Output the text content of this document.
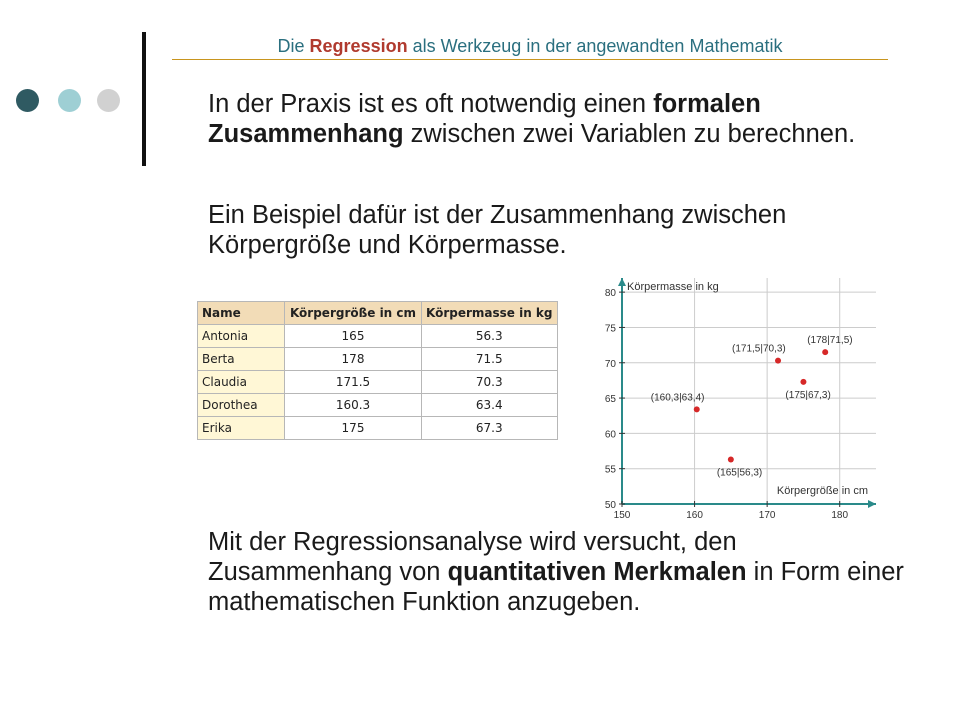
Die Regression als Werkzeug in der angewandten Mathematik
In der Praxis ist es oft notwendig einen formalen Zusammenhang zwischen zwei Variablen zu berechnen.
Ein Beispiel dafür ist der Zusammenhang zwischen Körpergröße und Körpermasse.
Name	Körpergröße in cm	Körpermasse in kg
Antonia	165	56.3
Berta	178	71.5
Claudia	171.5	70.3
Dorothea	160.3	63.4
Erika	175	67.3
150	160	170	180
50
55
60
65
70
75
80
Körpermasse in kg
Körpergröße in cm
(165|56,3)
(178|71,5)
(171,5|70,3)
(160,3|63,4)	(175|67,3)
Mit der Regressionsanalyse wird versucht, den Zusammenhang von quantitativen Merkmalen in Form einer mathematischen Funktion anzugeben.
